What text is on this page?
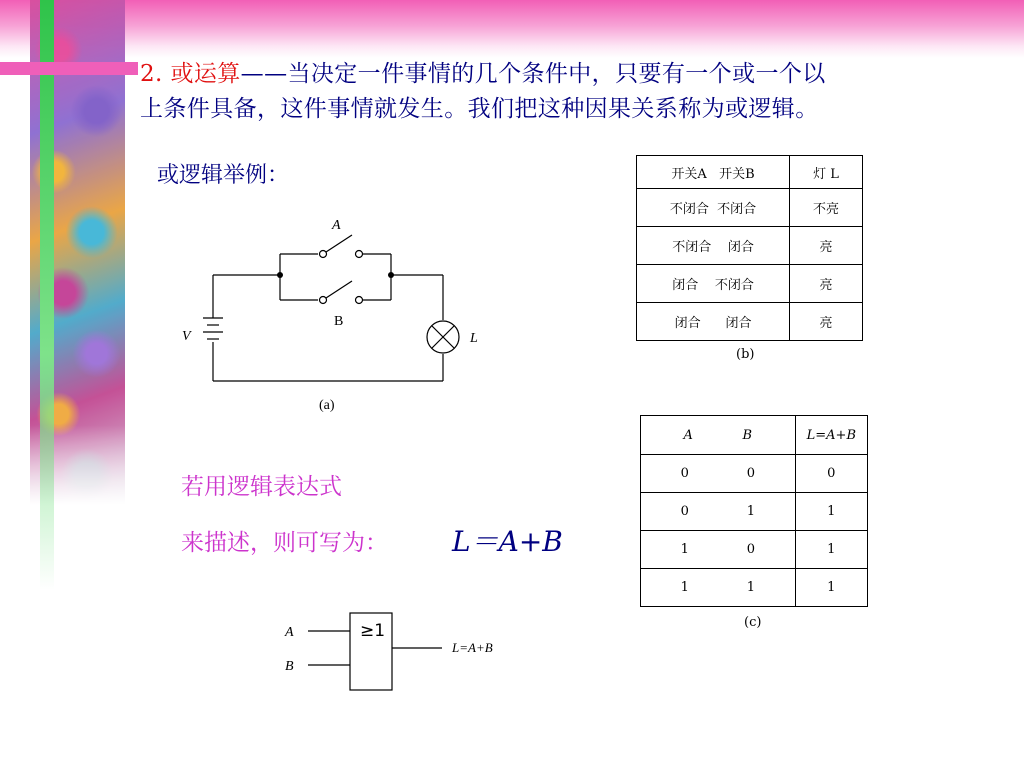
2. 或运算——当决定一件事情的几个条件中，只要有一个或一个以
上条件具备，这件事情就发生。我们把这种因果关系称为或逻辑。
或逻辑举例：
A
B
V	L
(a)
开关A 开关B	灯 L
不闭合 不闭合	不亮
不闭合 闭合	亮
闭合 不闭合	亮
闭合 闭合	亮
(b)
A B	L=A+B
0 0	0
0 1	1
1 0	1
1 1	1
(c)
若用逻辑表达式
来描述，则可写为： L＝A+B
≥1
A
B
L=A+B
